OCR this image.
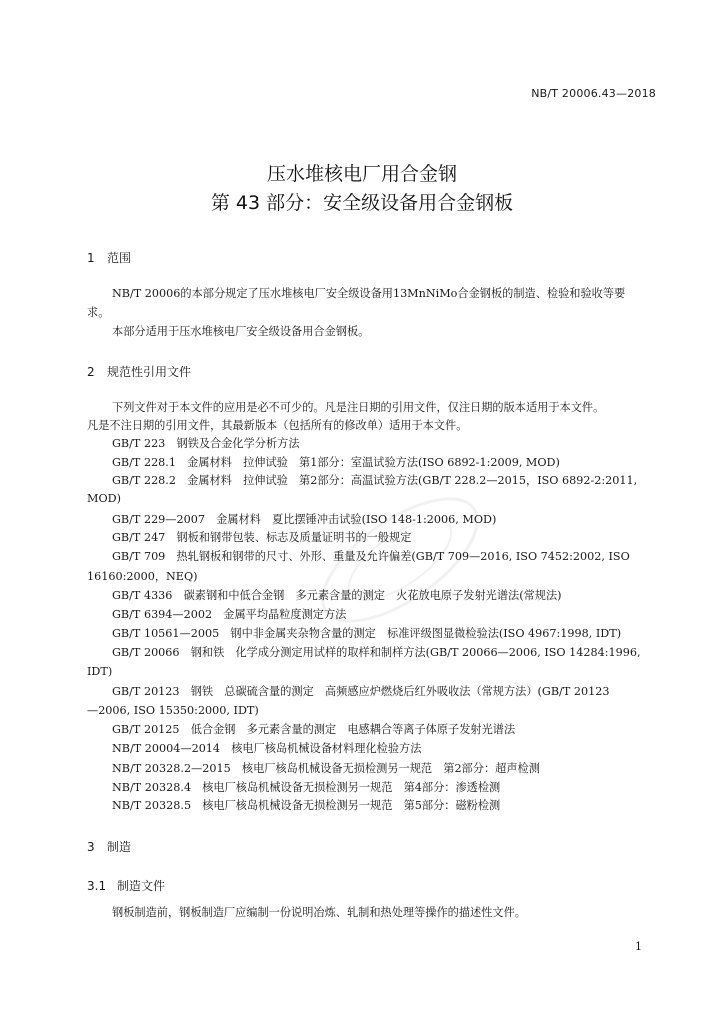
NB/T 20006.43—2018
压水堆核电厂用合金钢
第 43 部分：安全级设备用合金钢板
1 范围
NB/T 20006的本部分规定了压水堆核电厂安全级设备用13MnNiMo合金钢板的制造、检验和验收等要
求。
本部分适用于压水堆核电厂安全级设备用合金钢板。
2 规范性引用文件
下列文件对于本文件的应用是必不可少的。凡是注日期的引用文件，仅注日期的版本适用于本文件。
凡是不注日期的引用文件，其最新版本（包括所有的修改单）适用于本文件。
GB/T 223　钢铁及合金化学分析方法
GB/T 228.1　金属材料　拉伸试验　第1部分：室温试验方法(ISO 6892-1:2009, MOD)
GB/T 228.2　金属材料　拉伸试验　第2部分：高温试验方法(GB/T 228.2—2015，ISO 6892-2:2011,
MOD)
GB/T 229—2007　金属材料　夏比摆锤冲击试验(ISO 148-1:2006, MOD)
GB/T 247　钢板和钢带包装、标志及质量证明书的一般规定
GB/T 709　热轧钢板和钢带的尺寸、外形、重量及允许偏差(GB/T 709—2016, ISO 7452:2002, ISO
16160:2000，NEQ)
GB/T 4336　碳素钢和中低合金钢　多元素含量的测定　火花放电原子发射光谱法(常规法)
GB/T 6394—2002　金属平均晶粒度测定方法
GB/T 10561—2005　钢中非金属夹杂物含量的测定　标准评级图显微检验法(ISO 4967:1998, IDT)
GB/T 20066　钢和铁　化学成分测定用试样的取样和制样方法(GB/T 20066—2006, ISO 14284:1996,
IDT)
GB/T 20123　钢铁　总碳硫含量的测定　高频感应炉燃烧后红外吸收法（常规方法）(GB/T 20123
—2006, ISO 15350:2000, IDT)
GB/T 20125　低合金钢　多元素含量的测定　电感耦合等离子体原子发射光谱法
NB/T 20004—2014　核电厂核岛机械设备材料理化检验方法
NB/T 20328.2—2015　核电厂核岛机械设备无损检测另一规范　第2部分：超声检测
NB/T 20328.4　核电厂核岛机械设备无损检测另一规范　第4部分：渗透检测
NB/T 20328.5　核电厂核岛机械设备无损检测另一规范　第5部分：磁粉检测
3 制造
3.1 制造文件
钢板制造前，钢板制造厂应编制一份说明冶炼、轧制和热处理等操作的描述性文件。
1
